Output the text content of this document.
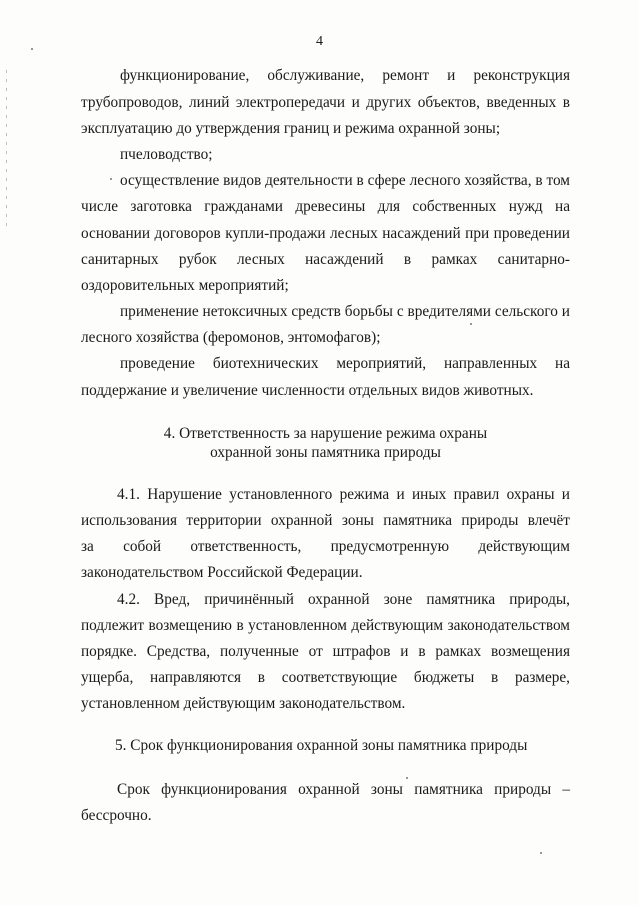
4
функционирование, обслуживание, ремонт и реконструкция
трубопроводов, линий электропередачи и других объектов, введенных в
эксплуатацию до утверждения границ и режима охранной зоны;
пчеловодство;
осуществление видов деятельности в сфере лесного хозяйства, в том
числе заготовка гражданами древесины для собственных нужд на
основании договоров купли-продажи лесных насаждений при проведении
санитарных рубок лесных насаждений в рамках санитарно-
оздоровительных мероприятий;
применение нетоксичных средств борьбы с вредителями сельского и
лесного хозяйства (феромонов, энтомофагов);
проведение биотехнических мероприятий, направленных на
поддержание и увеличение численности отдельных видов животных.
4. Ответственность за нарушение режима охраны
охранной зоны памятника природы
4.1. Нарушение установленного режима и иных правил охраны и
использования территории охранной зоны памятника природы влечёт
за собой ответственность, предусмотренную действующим
законодательством Российской Федерации.
4.2. Вред, причинённый охранной зоне памятника природы,
подлежит возмещению в установленном действующим законодательством
порядке. Средства, полученные от штрафов и в рамках возмещения
ущерба, направляются в соответствующие бюджеты в размере,
установленном действующим законодательством.
5. Срок функционирования охранной зоны памятника природы
Срок функционирования охранной зоны памятника природы –
бессрочно.
